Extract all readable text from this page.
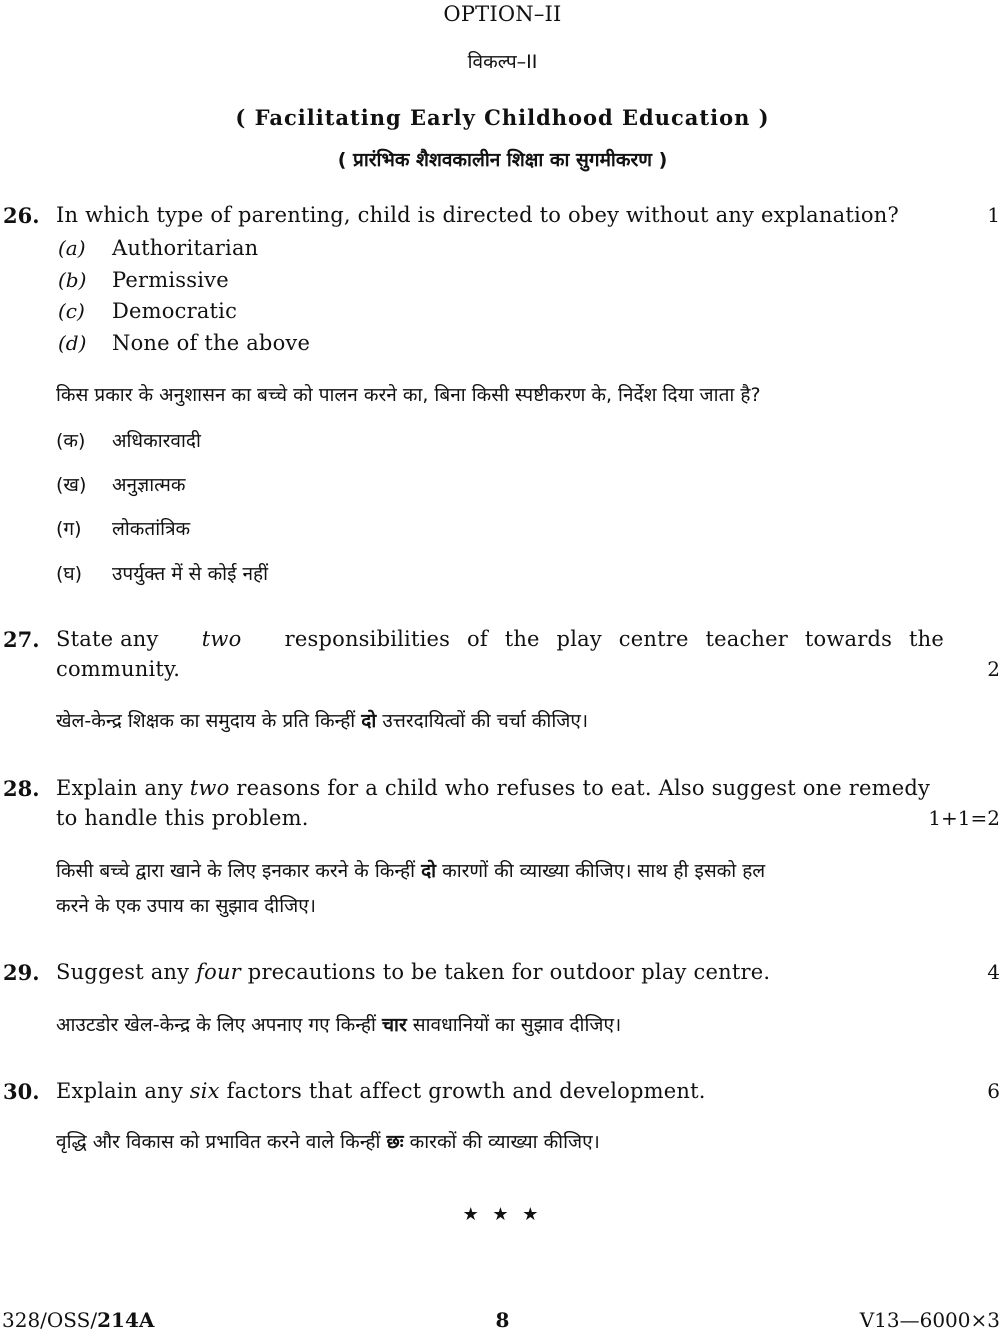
OPTION–II
विकल्प–II
( Facilitating Early Childhood Education )
( प्रारंभिक शैशवकालीन शिक्षा का सुगमीकरण )
26. In which type of parenting, child is directed to obey without any explanation?	1
(a) Authoritarian
(b) Permissive
(c) Democratic
(d) None of the above
किस प्रकार के अनुशासन का बच्चे को पालन करने का, बिना किसी स्पष्टीकरण के, निर्देश दिया जाता है?
(क) अधिकारवादी
(ख) अनुज्ञात्मक
(ग) लोकतांत्रिक
(घ) उपर्युक्त में से कोई नहीं
27. State any two responsibilities of the play centre teacher towards the
community.	2
खेल-केन्द्र शिक्षक का समुदाय के प्रति किन्हीं दो उत्तरदायित्वों की चर्चा कीजिए।
28. Explain any two reasons for a child who refuses to eat. Also suggest one remedy
to handle this problem.	1+1=2
किसी बच्चे द्वारा खाने के लिए इनकार करने के किन्हीं दो कारणों की व्याख्या कीजिए। साथ ही इसको हल
करने के एक उपाय का सुझाव दीजिए।
29. Suggest any four precautions to be taken for outdoor play centre.	4
आउटडोर खेल-केन्द्र के लिए अपनाए गए किन्हीं चार सावधानियों का सुझाव दीजिए।
30. Explain any six factors that affect growth and development.	6
वृद्धि और विकास को प्रभावित करने वाले किन्हीं छः कारकों की व्याख्या कीजिए।
★ ★ ★
328/OSS/214A	8	V13—6000×3
